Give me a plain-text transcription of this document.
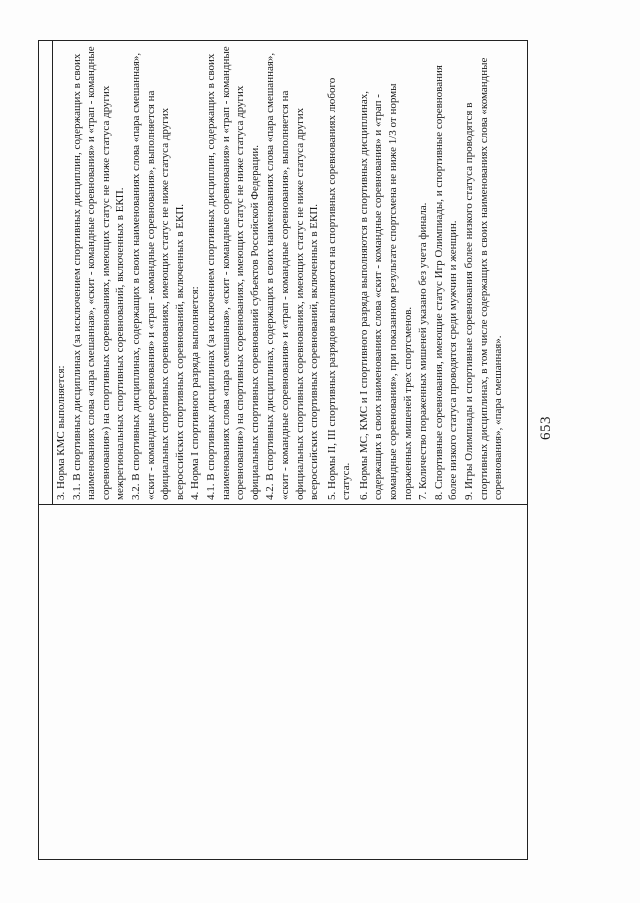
653

3. Норма КМС выполняется: 3.1. В спортивных дисциплинах (за исключением спортивных дисциплин, содержащих в своих наименованиях слова «пара смешанная», «скит - командные соревнования» и «трап - командные соревнования») на спортивных соревнованиях, имеющих статус не ниже статуса других межрегиональных спортивных соревнований, включенных в ЕКП. 3.2. В спортивных дисциплинах, содержащих в своих наименованиях слова «пара смешанная», «скит - командные соревнования» и «трап - командные соревнования», выполняется на официальных спортивных соревнованиях, имеющих статус не ниже статуса других всероссийских спортивных соревнований, включенных в ЕКП. 4. Норма I спортивного разряда выполняется: 4.1. В спортивных дисциплинах (за исключением спортивных дисциплин, содержащих в своих наименованиях слова «пара смешанная», «скит - командные соревнования» и «трап - командные соревнования») на спортивных соревнованиях, имеющих статус не ниже статуса других официальных спортивных соревнований субъектов Российской Федерации. 4.2. В спортивных дисциплинах, содержащих в своих наименованиях слова «пара смешанная», «скит - командные соревнования» и «трап - командные соревнования», выполняется на официальных спортивных соревнованиях, имеющих статус не ниже статуса других всероссийских спортивных соревнований, включенных в ЕКП. 5. Нормы II, III спортивных разрядов выполняются на спортивных соревнованиях любого статуса. 6. Нормы МС, КМС и I спортивного разряда выполняются в спортивных дисциплинах, содержащих в своих наименованиях слова «скит - командные соревнования» и «трап - командные соревнования», при показанном результате спортсмена не ниже 1/3 от нормы пораженных мишеней трех спортсменов. 7. Количество пораженных мишеней указано без учета финала. 8. Спортивные соревнования, имеющие статус Игр Олимпиады, и спортивные соревнования более низкого статуса проводятся среди мужчин и женщин. 9. Игры Олимпиады и спортивные соревнования более низкого статуса проводятся в спортивных дисциплинах, в том числе содержащих в своих наименованиях слова «командные соревнования», «пара смешанная».
